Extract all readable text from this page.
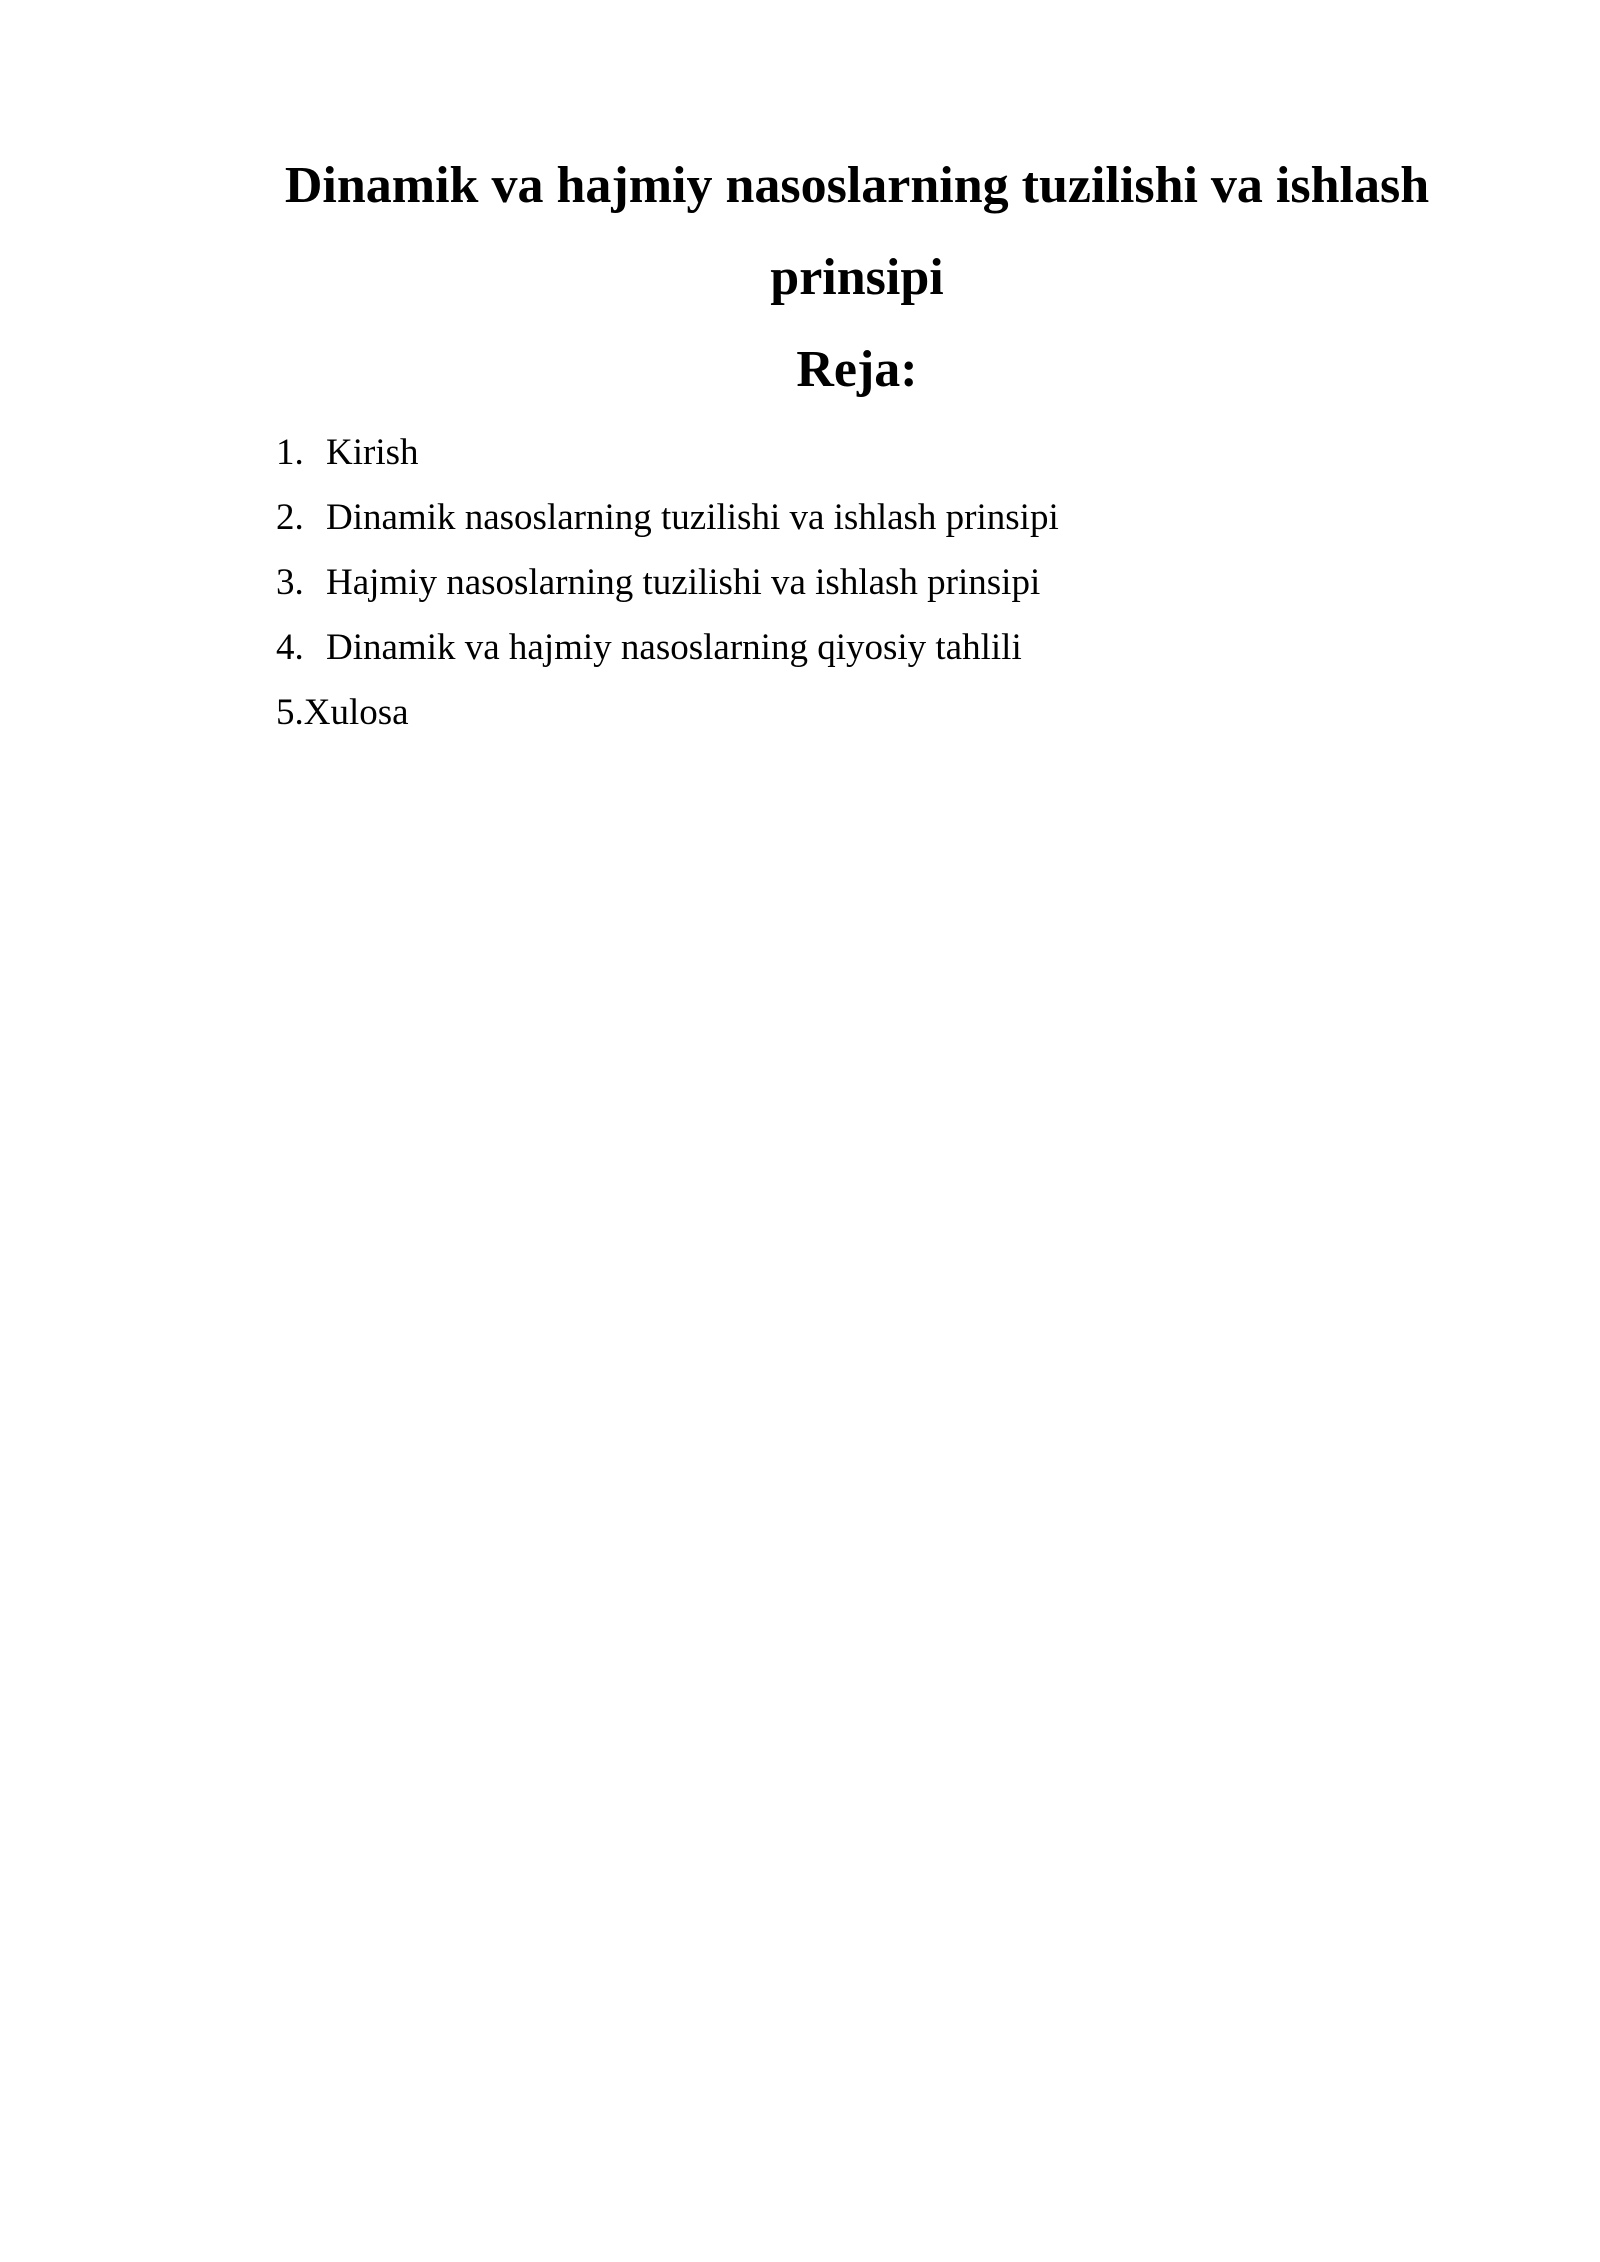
Dinamik va hajmiy nasoslarning tuzilishi va ishlash prinsipi
Reja:
1. Kirish
2. Dinamik nasoslarning tuzilishi va ishlash prinsipi
3. Hajmiy nasoslarning tuzilishi va ishlash prinsipi
4. Dinamik va hajmiy nasoslarning qiyosiy tahlili
5.Xulosa
